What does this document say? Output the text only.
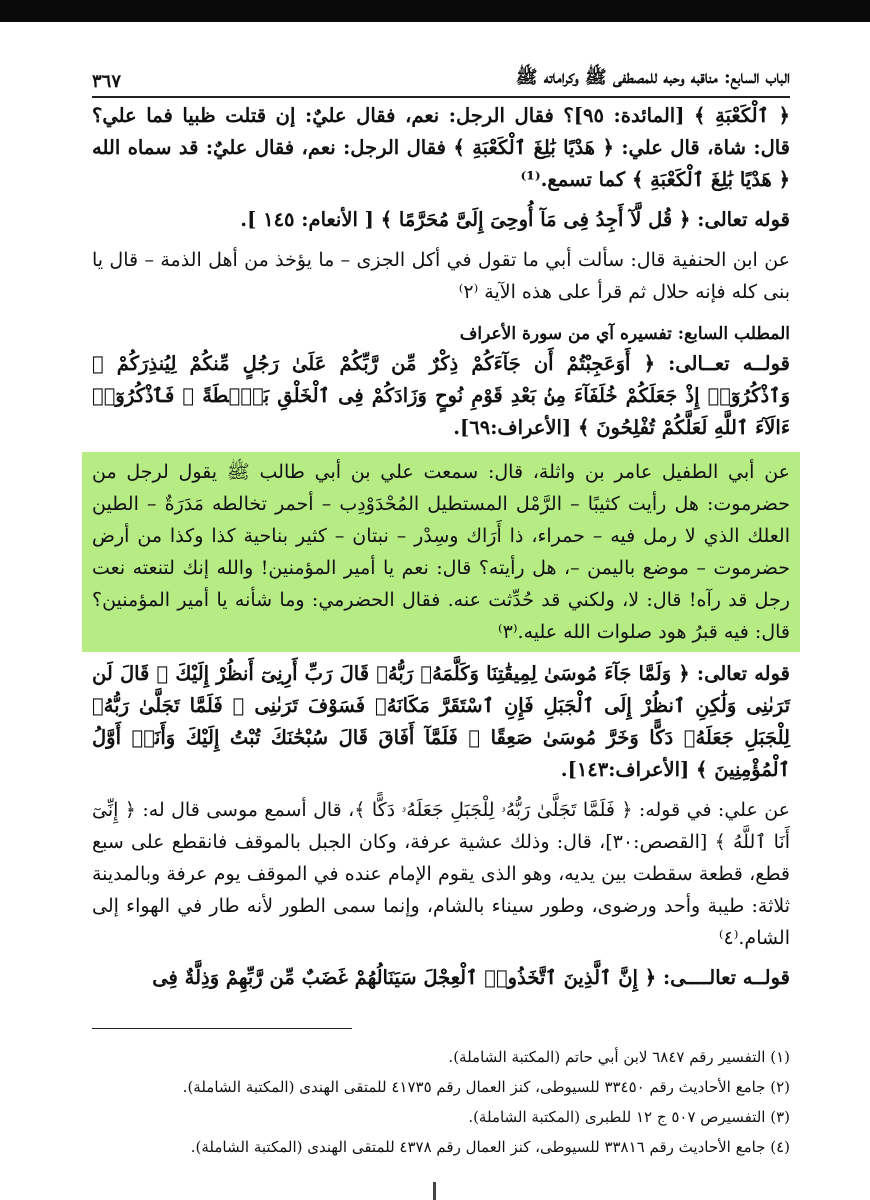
الباب السابع: مناقبه وحبه للمصطفى ﷺ وكراماته ﷺ
٣٦٧

﴿ ٱلْكَعْبَةِ ﴾ [المائدة: ٩٥]؟ فقال الرجل: نعم، فقال عليٌ: إن قتلت ظبيا فما علي؟ قال: شاة، قال علي: ﴿ هَدْيًا بَٰلِغَ ٱلْكَعْبَةِ ﴾ فقال الرجل: نعم، فقال عليٌ: قد سماه الله ﴿ هَدْيًا بَٰلِغَ ٱلْكَعْبَةِ ﴾ كما تسمع.⁽¹⁾

قوله تعالى: ﴿ قُل لَّآ أَجِدُ فِى مَآ أُوحِىَ إِلَىَّ مُحَرَّمًا ﴾ [ الأنعام: ١٤٥ ].

عن ابن الحنفية قال: سألت أبي ما تقول في أكل الجزى – ما يؤخذ من أهل الذمة – قال يا بنى كله فإنه حلال ثم قرأ على هذه الآية ⁽٢⁾

المطلب السابع: تفسيره آي من سورة الأعراف

قولــه تعــالى: ﴿ أَوَعَجِبْتُمْ أَن جَآءَكُمْ ذِكْرٌ مِّن رَّبِّكُمْ عَلَىٰ رَجُلٍ مِّنكُمْ لِيُنذِرَكُمْ ۚ وَٱذْكُرُوٓا۟ إِذْ جَعَلَكُمْ خُلَفَآءَ مِنۢ بَعْدِ قَوْمِ نُوحٍ وَزَادَكُمْ فِى ٱلْخَلْقِ بَصْۜطَةً ۖ فَٱذْكُرُوٓا۟ ءَالَآءَ ٱللَّهِ لَعَلَّكُمْ تُفْلِحُونَ ﴾ [الأعراف:٦٩].

عن أبي الطفيل عامر بن واثلة، قال: سمعت علي بن أبي طالب ﷺ يقول لرجل من حضرموت: هل رأيت كثيبًا – الرَّمْل المستطيل المُحْدَوْدِب – أحمر تخالطه مَدَرَةٌ – الطين العلك الذي لا رمل فيه – حمراء، ذا أَرَاك وسِدْر – نبتان – كثير بناحية كذا وكذا من أرض حضرموت – موضع باليمن –، هل رأيته؟ قال: نعم يا أمير المؤمنين! والله إنك لتنعته نعت رجل قد رآه! قال: لا، ولكني قد حُدِّثت عنه. فقال الحضرمي: وما شأنه يا أمير المؤمنين؟ قال: فيه قبرُ هود صلوات الله عليه.⁽٣⁾

قوله تعالى: ﴿ وَلَمَّا جَآءَ مُوسَىٰ لِمِيقَٰتِنَا وَكَلَّمَهُۥ رَبُّهُۥ قَالَ رَبِّ أَرِنِىٓ أَنظُرْ إِلَيْكَ ۚ قَالَ لَن تَرَىٰنِى وَلَٰكِنِ ٱنظُرْ إِلَى ٱلْجَبَلِ فَإِنِ ٱسْتَقَرَّ مَكَانَهُۥ فَسَوْفَ تَرَىٰنِى ۚ فَلَمَّا تَجَلَّىٰ رَبُّهُۥ لِلْجَبَلِ جَعَلَهُۥ دَكًّا وَخَرَّ مُوسَىٰ صَعِقًا ۚ فَلَمَّآ أَفَاقَ قَالَ سُبْحَٰنَكَ تُبْتُ إِلَيْكَ وَأَنَا۠ أَوَّلُ ٱلْمُؤْمِنِينَ ﴾ [الأعراف:١٤٣].

عن علي: في قوله: ﴿ فَلَمَّا تَجَلَّىٰ رَبُّهُۥ لِلْجَبَلِ جَعَلَهُۥ دَكًّا ﴾، قال أسمع موسى قال له: ﴿ إِنِّىٓ أَنَا ٱللَّهُ ﴾ [القصص:٣٠]، قال: وذلك عشية عرفة، وكان الجبل بالموقف فانقطع على سبع قطع، قطعة سقطت بين يديه، وهو الذى يقوم الإمام عنده في الموقف يوم عرفة وبالمدينة ثلاثة: طيبة وأحد ورضوى، وطور سيناء بالشام، وإنما سمى الطور لأنه طار في الهواء إلى الشام.⁽٤⁾

قولــه تعالــــى: ﴿ إِنَّ ٱلَّذِينَ ٱتَّخَذُوا۟ ٱلْعِجْلَ سَيَنَالُهُمْ غَضَبٌ مِّن رَّبِّهِمْ وَذِلَّةٌ فِى

(١) التفسير رقم ٦٨٤٧ لابن أبي حاتم (المكتبة الشاملة).

(٢) جامع الأحاديث رقم ٣٣٤٥٠ للسيوطى، كنز العمال رقم ٤١٧٣٥ للمتقى الهندى (المكتبة الشاملة).

(٣) التفسيرص ٥٠٧ ج ١٢ للطبرى (المكتبة الشاملة).

(٤) جامع الأحاديث رقم ٣٣٨١٦ للسيوطى، كنز العمال رقم ٤٣٧٨ للمتقى الهندى (المكتبة الشاملة).
